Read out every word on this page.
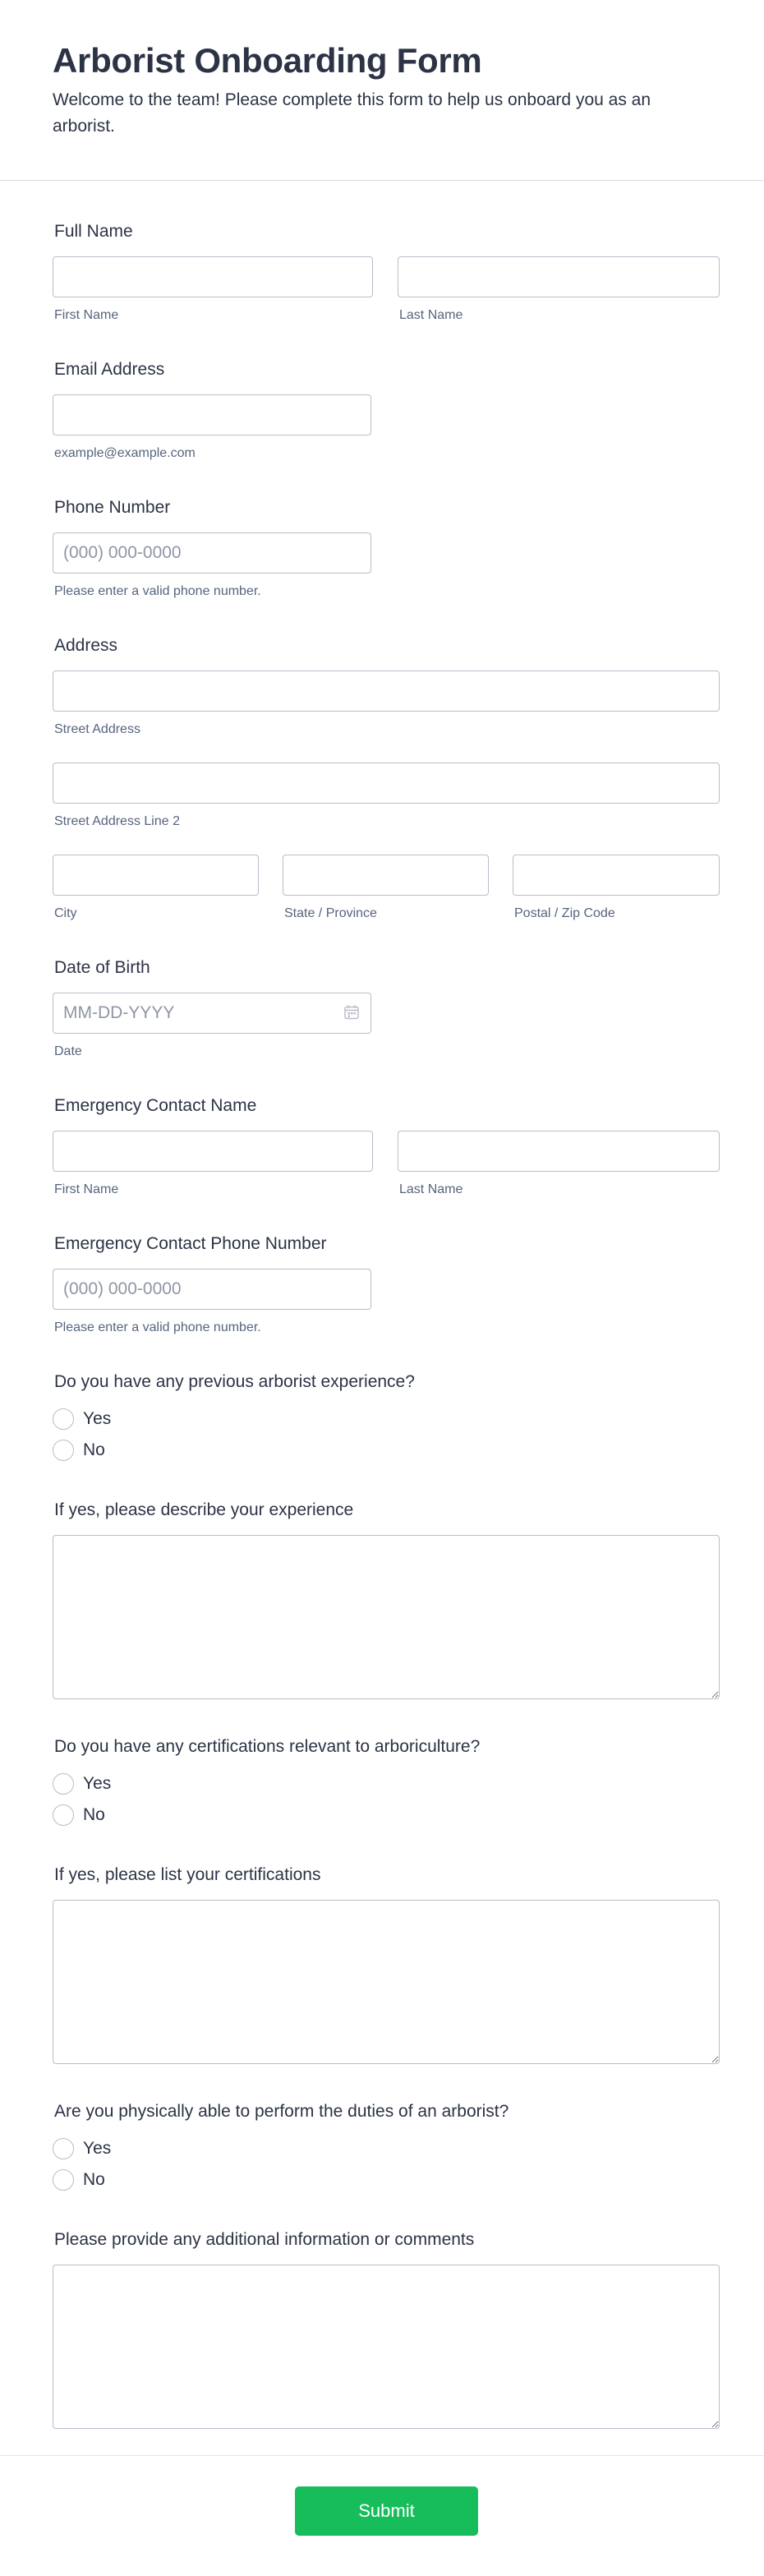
Arborist Onboarding Form

Welcome to the team! Please complete this form to help us onboard you as an arborist.

Full Name
First Name	Last Name
Email Address
example@example.com
Phone Number
(000) 000-0000
Please enter a valid phone number.
Address
Street Address
Street Address Line 2
City	State / Province	Postal / Zip Code
Date of Birth
MM-DD-YYYY
Date
Emergency Contact Name
First Name	Last Name
Emergency Contact Phone Number
(000) 000-0000
Please enter a valid phone number.
Do you have any previous arborist experience?
Yes
No
If yes, please describe your experience
Do you have any certifications relevant to arboriculture?
Yes
No
If yes, please list your certifications
Are you physically able to perform the duties of an arborist?
Yes
No
Please provide any additional information or comments
Submit
